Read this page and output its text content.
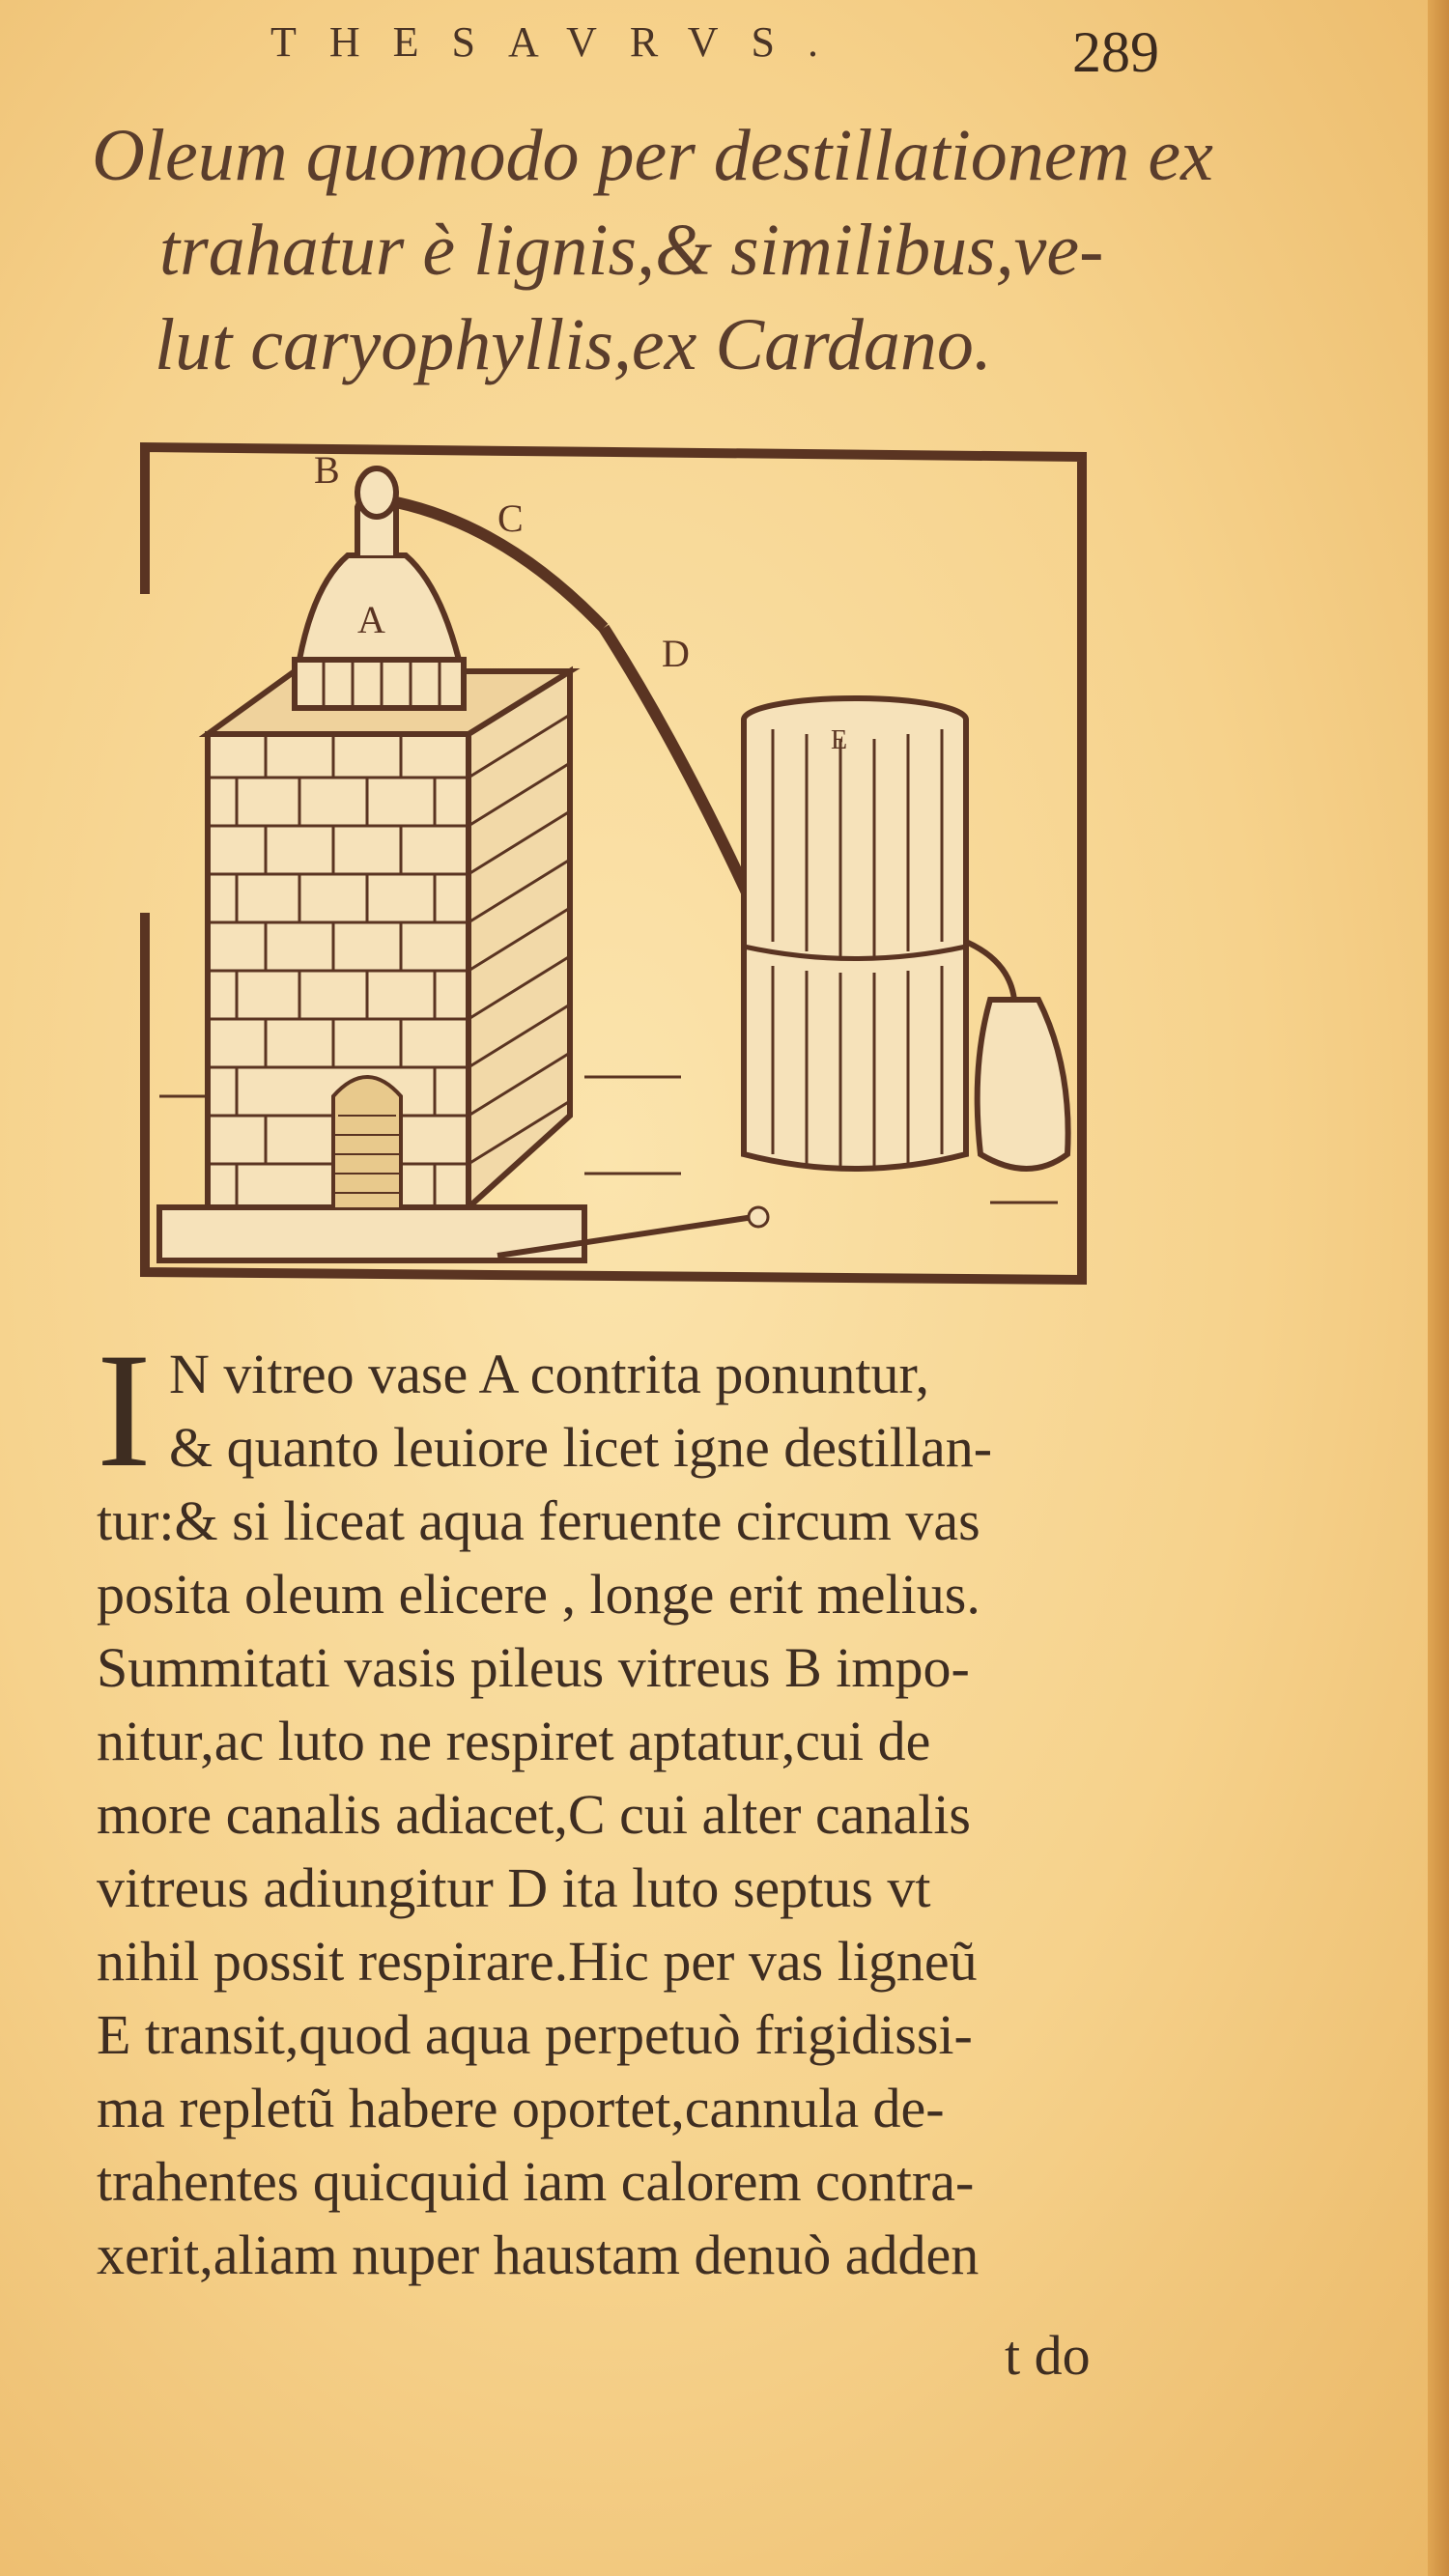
THESAVRVS.	289
Oleum quomodo per destillationem ex
trahatur è lignis,& similibus,ve-
lut caryophyllis,ex Cardano.
B
A
C
D
E
I N vitreo vase A contrita ponuntur,
& quanto leuiore licet igne destillan-
tur:& si liceat aqua feruente circum vas
posita oleum elicere , longe erit melius.
Summitati vasis pileus vitreus B impo-
nitur,ac luto ne respiret aptatur,cui de
more canalis adiacet,C cui alter canalis
vitreus adiungitur D ita luto septus vt
nihil possit respirare.Hic per vas ligneũ
E transit,quod aqua perpetuò frigidissi-
ma repletũ habere oportet,cannula de-
trahentes quicquid iam calorem contra-
xerit,aliam nuper haustam denuò adden
t do
